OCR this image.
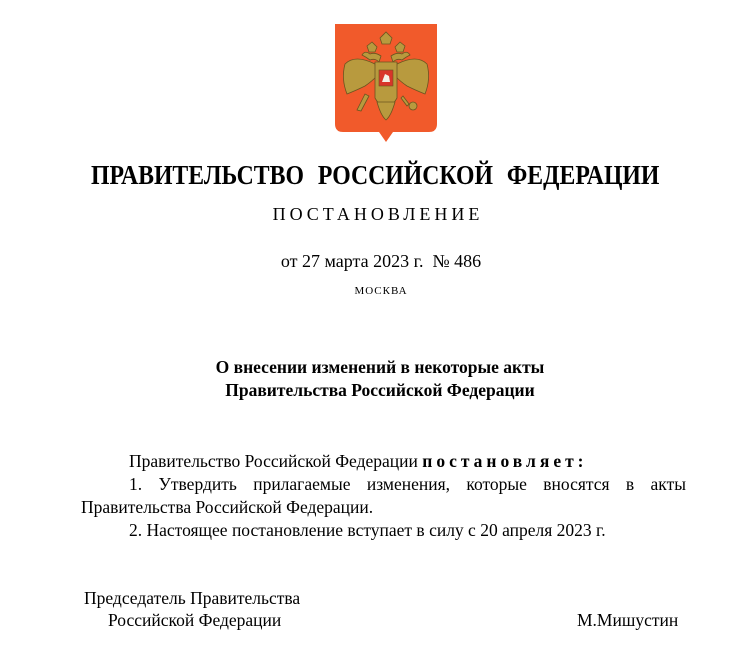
ПРАВИТЕЛЬСТВО РОССИЙСКОЙ ФЕДЕРАЦИИ
ПОСТАНОВЛЕНИЕ
от 27 марта 2023 г.  № 486
МОСКВА
О внесении изменений в некоторые акты
Правительства Российской Федерации

Правительство Российской Федерации постановляет:

1. Утвердить прилагаемые изменения, которые вносятся в акты Правительства Российской Федерации.

2. Настоящее постановление вступает в силу с 20 апреля 2023 г.

Председатель Правительства
Российской Федерации	М.Мишустин
